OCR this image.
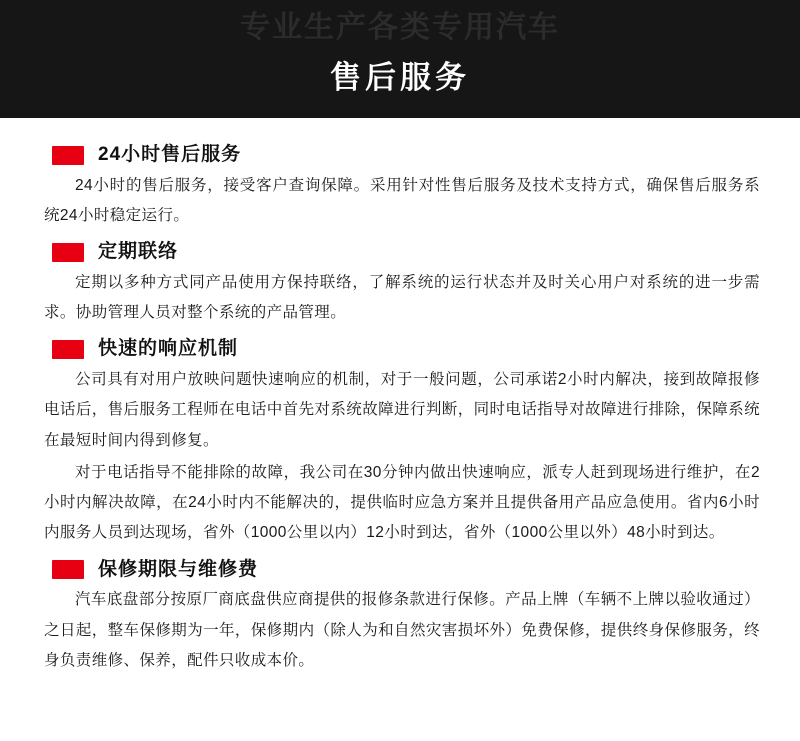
专业生产各类专用汽车
售后服务
24小时售后服务

24小时的售后服务，接受客户查询保障。采用针对性售后服务及技术支持方式，确保售后服务系统24小时稳定运行。

定期联络

定期以多种方式同产品使用方保持联络，了解系统的运行状态并及时关心用户对系统的进一步需求。协助管理人员对整个系统的产品管理。

快速的响应机制

公司具有对用户放映问题快速响应的机制，对于一般问题，公司承诺2小时内解决，接到故障报修电话后，售后服务工程师在电话中首先对系统故障进行判断，同时电话指导对故障进行排除，保障系统在最短时间内得到修复。

对于电话指导不能排除的故障，我公司在30分钟内做出快速响应，派专人赶到现场进行维护，在2小时内解决故障，在24小时内不能解决的，提供临时应急方案并且提供备用产品应急使用。省内6小时内服务人员到达现场，省外（1000公里以内）12小时到达，省外（1000公里以外）48小时到达。

保修期限与维修费

汽车底盘部分按原厂商底盘供应商提供的报修条款进行保修。产品上牌（车辆不上牌以验收通过）之日起，整车保修期为一年，保修期内（除人为和自然灾害损坏外）免费保修，提供终身保修服务，终身负责维修、保养，配件只收成本价。
